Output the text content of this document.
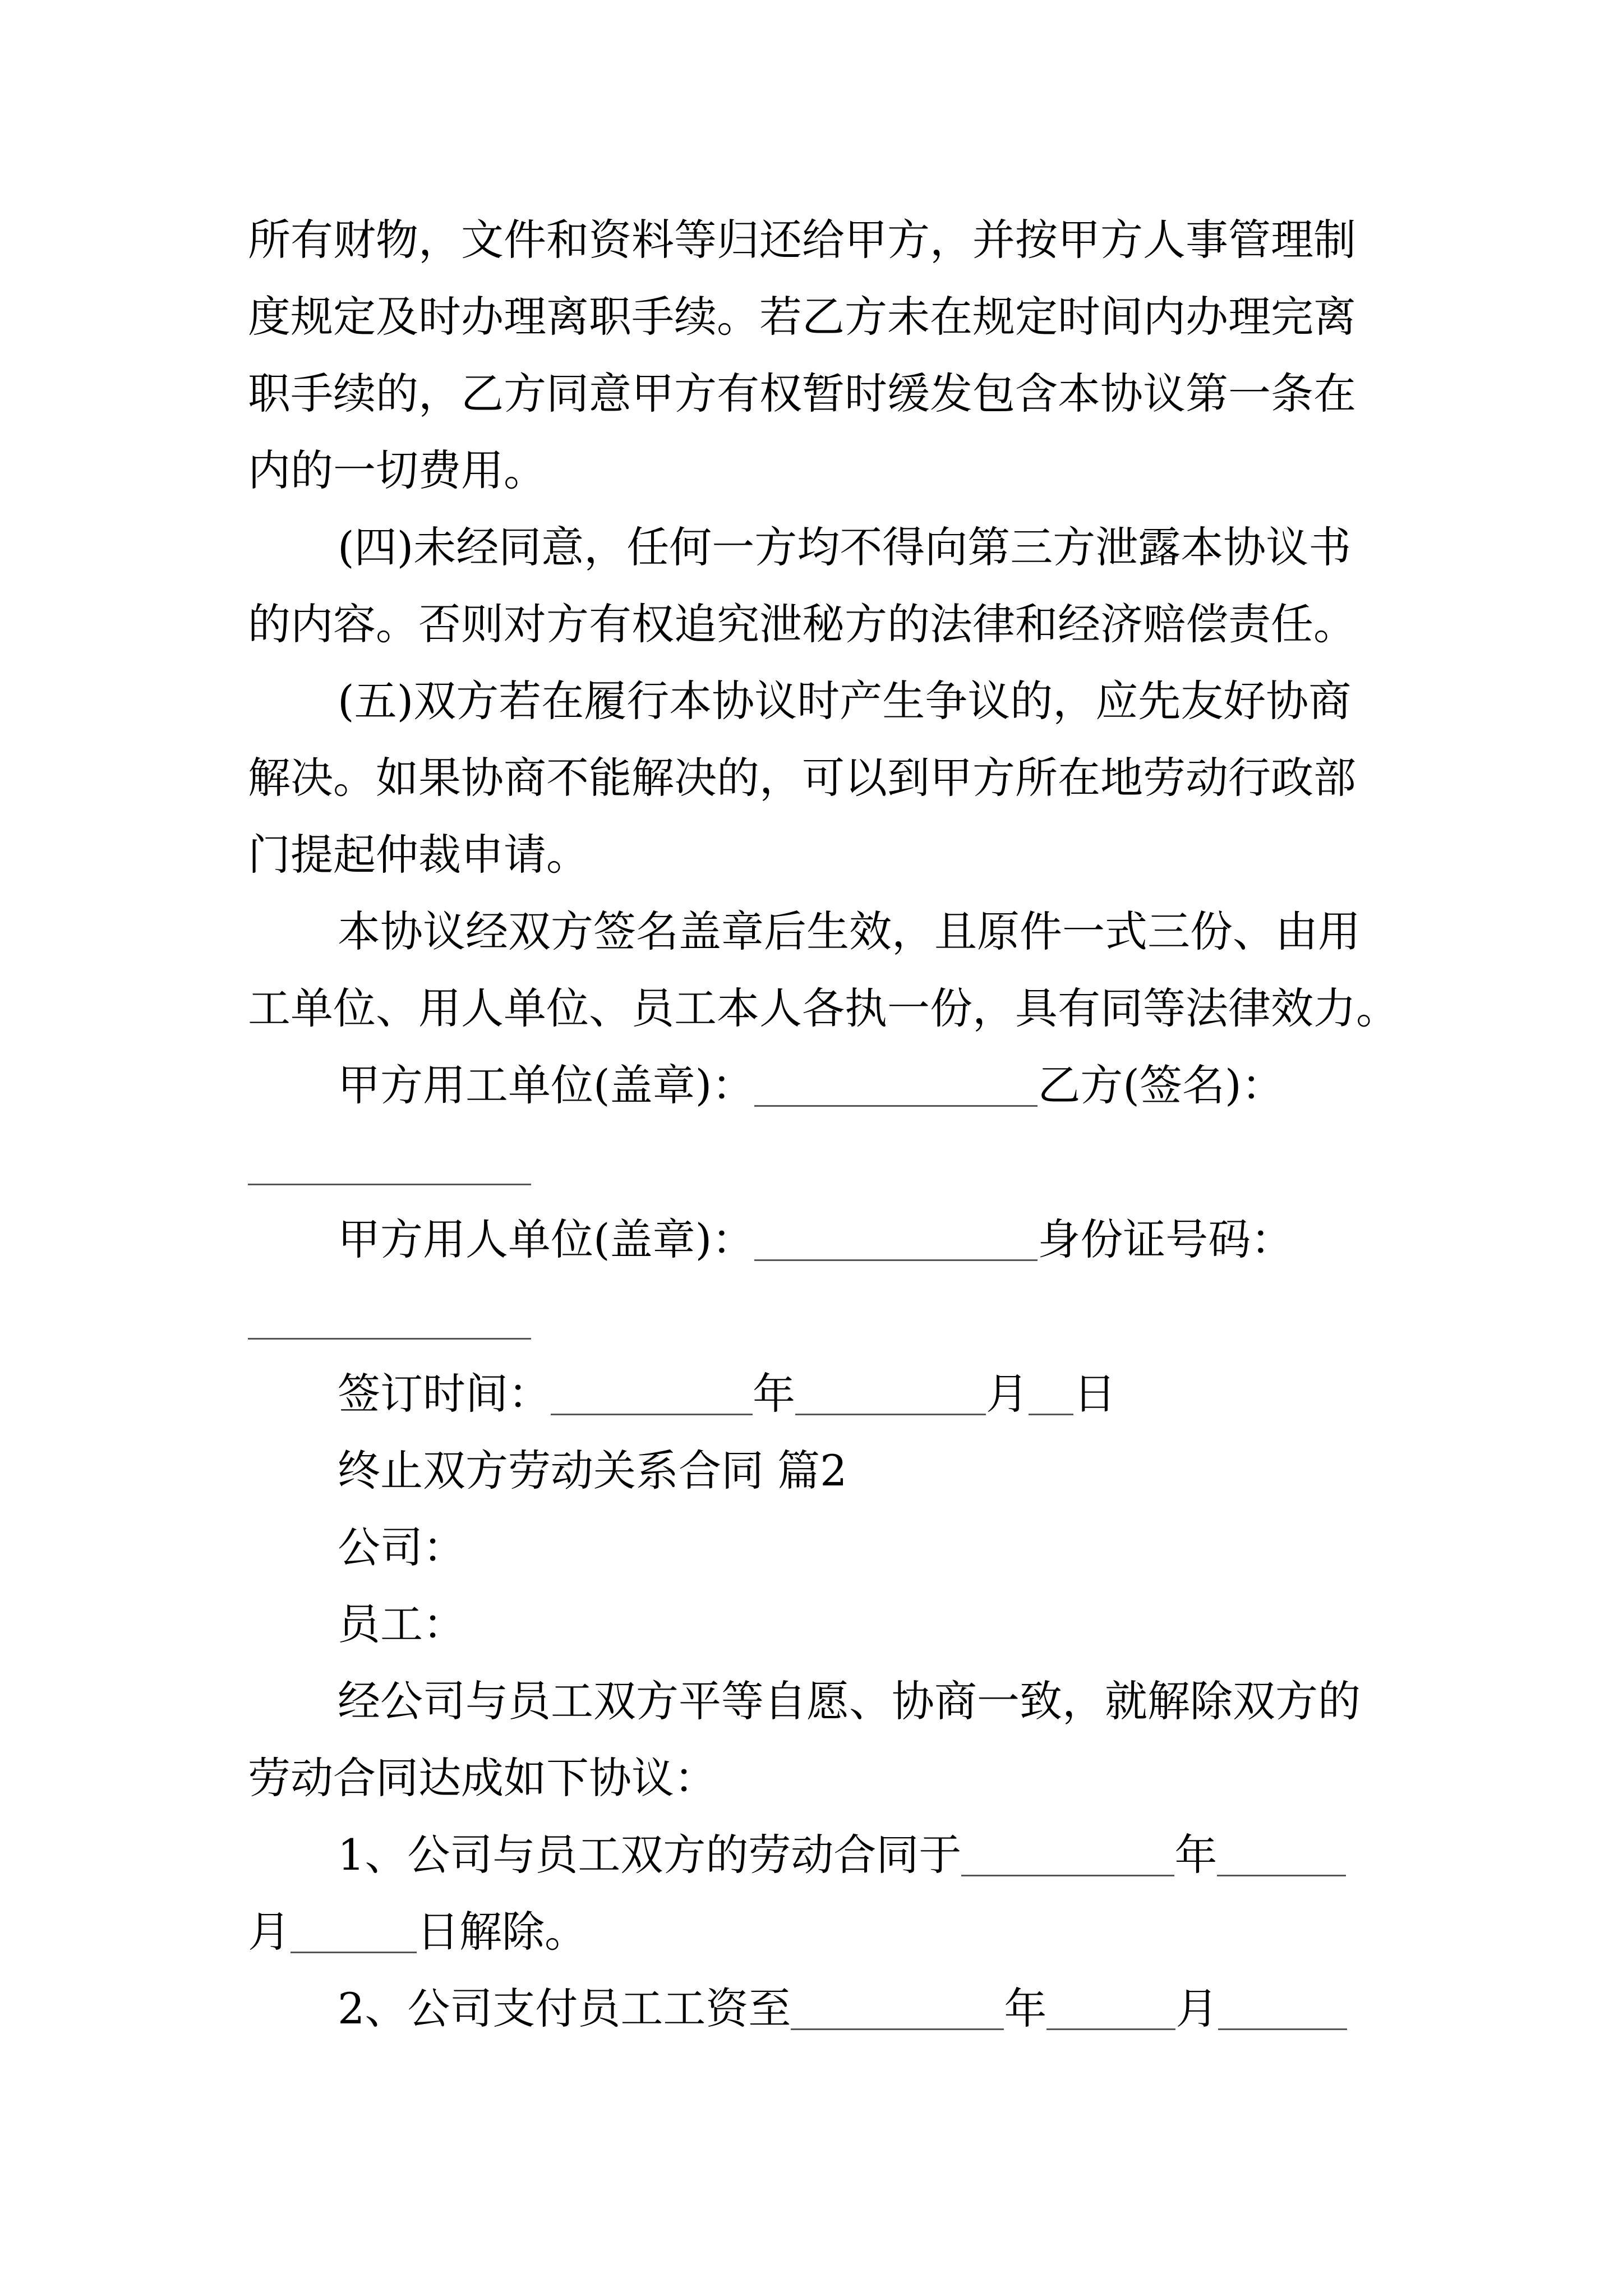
所有财物，文件和资料等归还给甲方，并按甲方人事管理制
度规定及时办理离职手续。若乙方未在规定时间内办理完离
职手续的，乙方同意甲方有权暂时缓发包含本协议第一条在
内的一切费用。
(四)未经同意，任何一方均不得向第三方泄露本协议书
的内容。否则对方有权追究泄秘方的法律和经济赔偿责任。
(五)双方若在履行本协议时产生争议的，应先友好协商
解决。如果协商不能解决的，可以到甲方所在地劳动行政部
门提起仲裁申请。
本协议经双方签名盖章后生效，且原件一式三份、由用
工单位、用人单位、员工本人各执一份，具有同等法律效力。
甲方用工单位(盖章)：	乙方(签名)：
甲方用人单位(盖章)：	身份证号码：
签订时间：	年	月 日
终止双方劳动关系合同 篇2
公司：
员工：
经公司与员工双方平等自愿、协商一致，就解除双方的
劳动合同达成如下协议：
1、公司与员工双方的劳动合同于	年
月	日解除。
2、公司支付员工工资至	年	月
